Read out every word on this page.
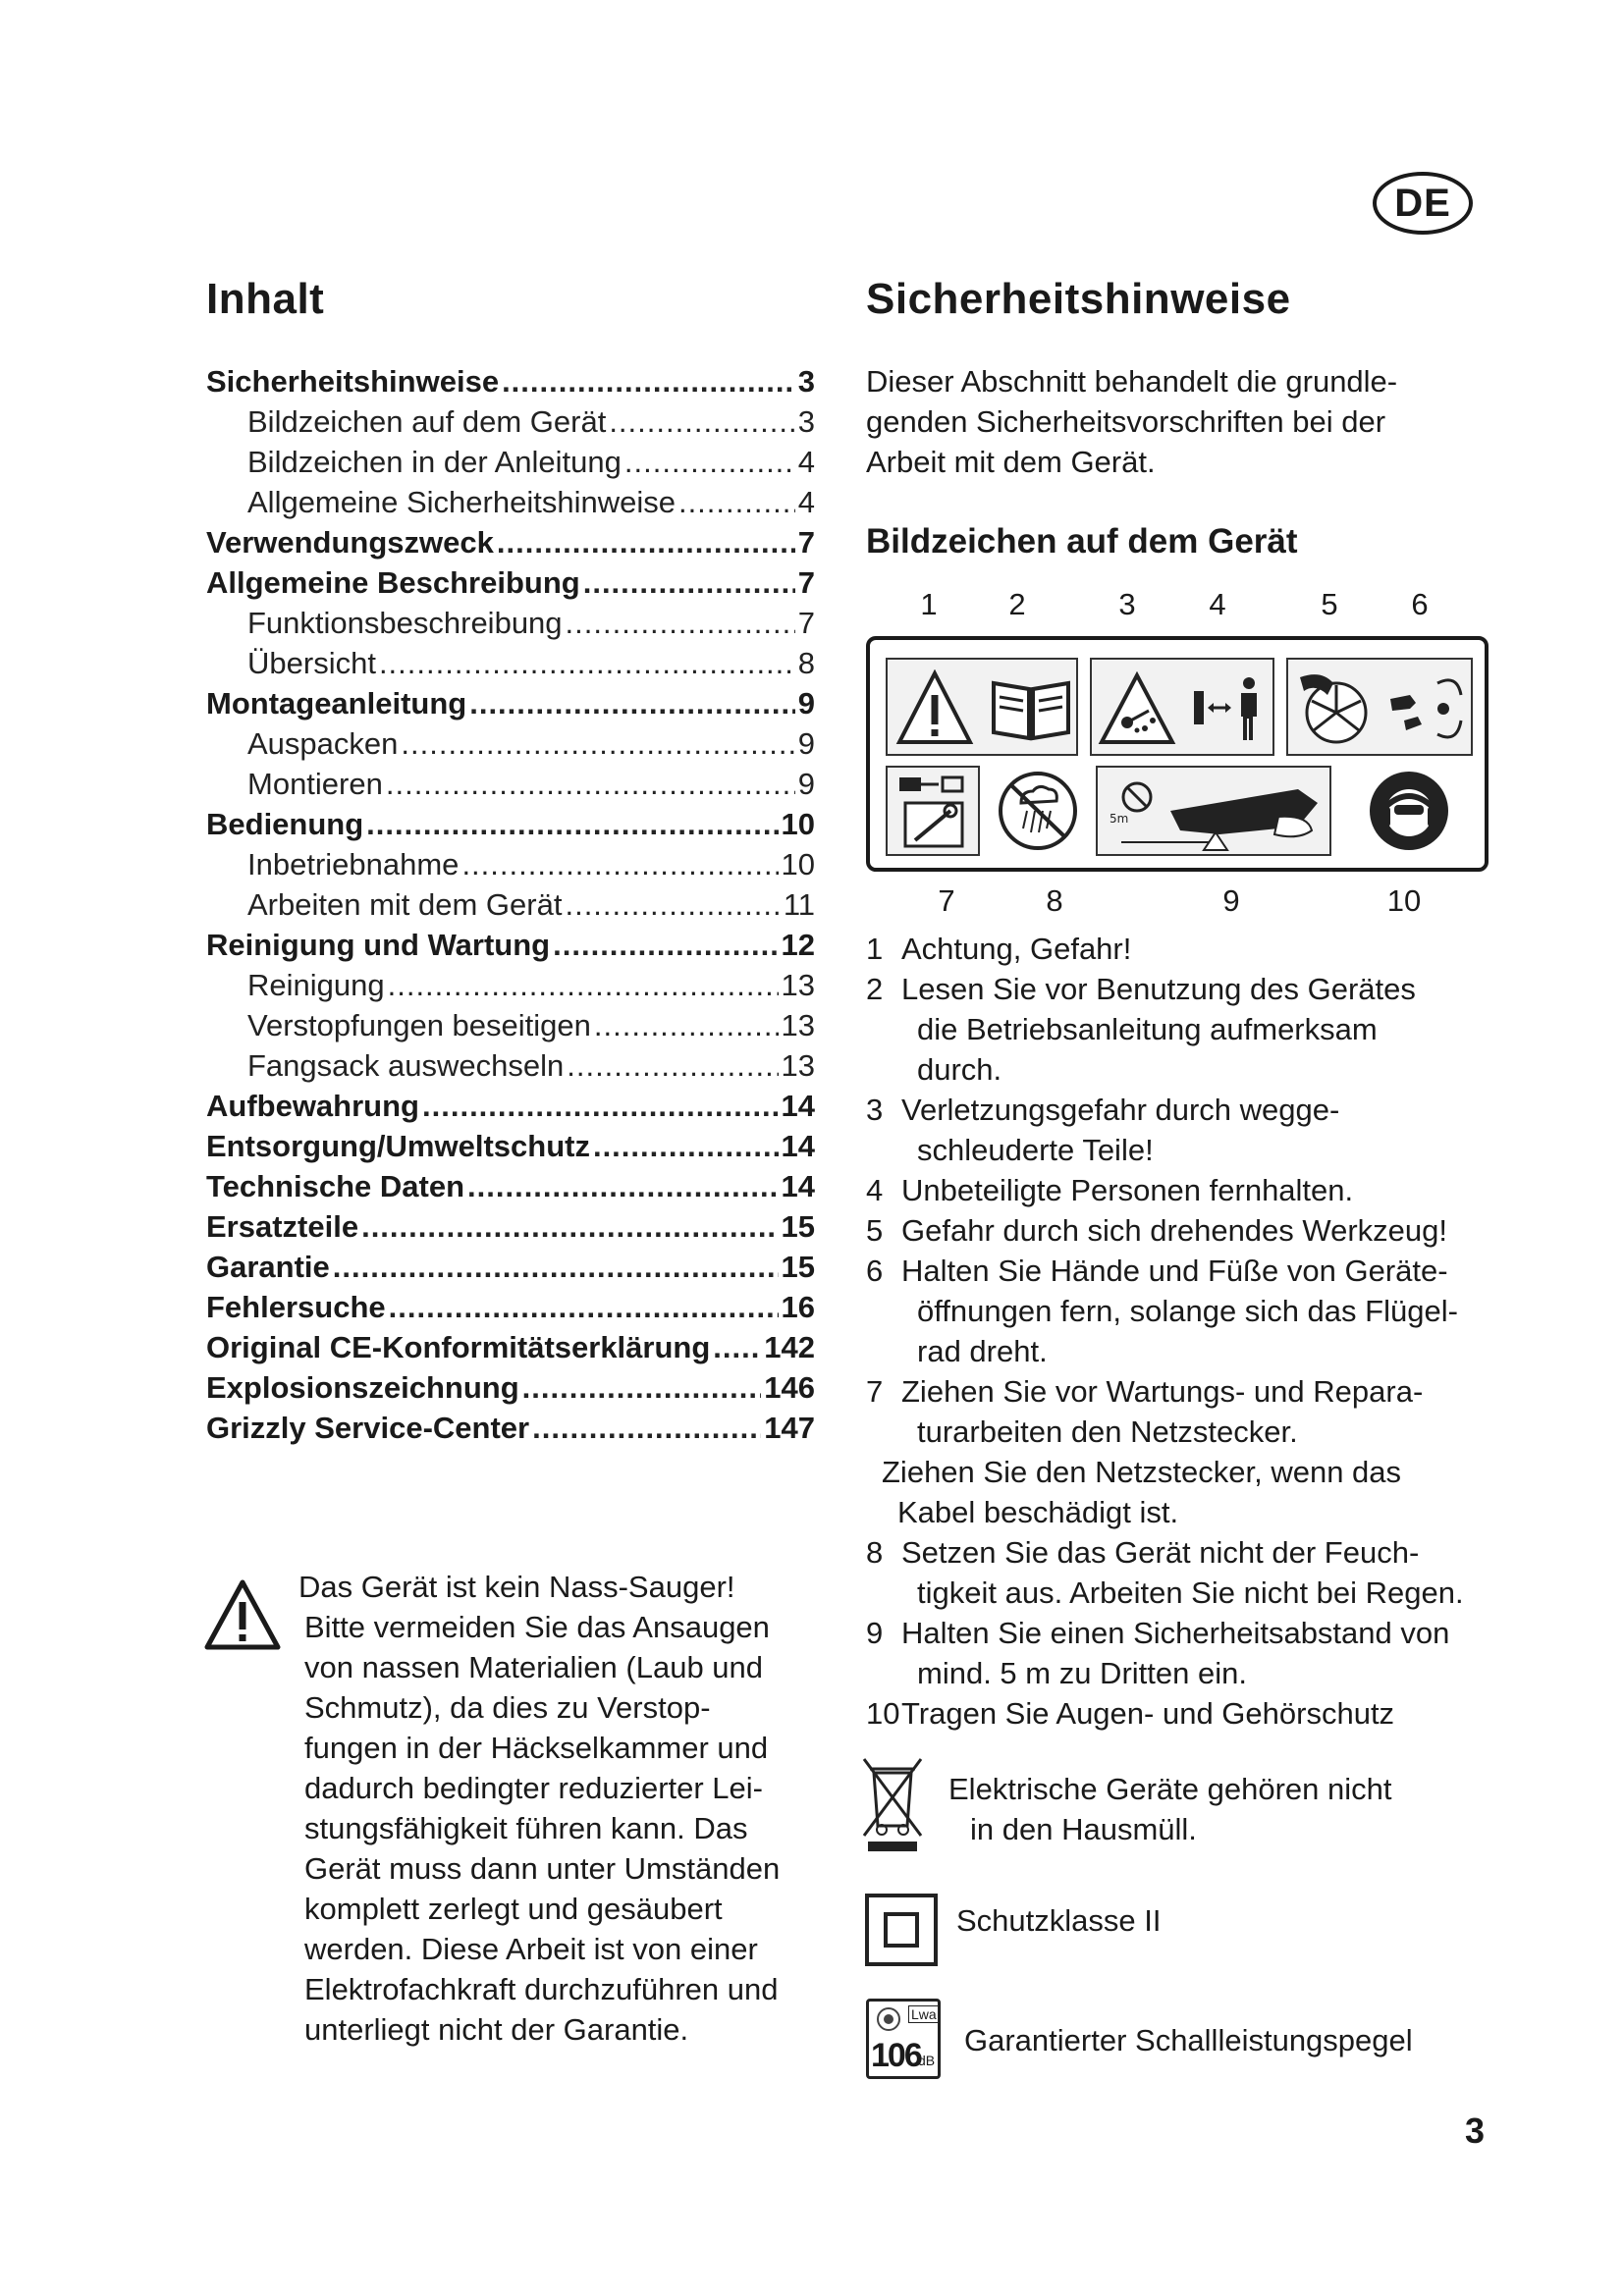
DE
Inhalt
Sicherheitshinweise .....	3
Bildzeichen auf dem Gerät .....	3
Bildzeichen in der Anleitung .....	4
Allgemeine Sicherheitshinweise .....	4
Verwendungszweck .....	7
Allgemeine Beschreibung .....	7
Funktionsbeschreibung .....	7
Übersicht .....	8
Montageanleitung .....	9
Auspacken .....	9
Montieren .....	9
Bedienung .....	10
Inbetriebnahme .....	10
Arbeiten mit dem Gerät .....	11
Reinigung und Wartung .....	12
Reinigung .....	13
Verstopfungen beseitigen .....	13
Fangsack auswechseln .....	13
Aufbewahrung .....	14
Entsorgung/Umweltschutz .....	14
Technische Daten .....	14
Ersatzteile .....	15
Garantie .....	15
Fehlersuche .....	16
Original CE-Konformitätserklärung ..... 142
Explosionszeichnung .....	146
Grizzly Service-Center .....	147
Das Gerät ist kein Nass-Sauger!
Bitte vermeiden Sie das Ansaugen
von nassen Materialien (Laub und
Schmutz), da dies zu Verstop-
fungen in der Häckselkammer und
dadurch bedingter reduzierter Lei-
stungsfähigkeit führen kann. Das
Gerät muss dann unter Umständen
komplett zerlegt und gesäubert
werden. Diese Arbeit ist von einer
Elektrofachkraft durchzuführen und
unterliegt nicht der Garantie.
Sicherheitshinweise
Dieser Abschnitt behandelt die grundle-
genden Sicherheitsvorschriften bei der
Arbeit mit dem Gerät.
Bildzeichen auf dem Gerät
1 2	3 4	5 6
5m
7	8	9	10
1 Achtung, Gefahr!
2 Lesen Sie vor Benutzung des Gerätes
die Betriebsanleitung aufmerksam
durch.
3 Verletzungsgefahr durch wegge-
schleuderte Teile!
4 Unbeteiligte Personen fernhalten.
5 Gefahr durch sich drehendes Werkzeug!
6 Halten Sie Hände und Füße von Geräte-
öffnungen fern, solange sich das Flügel-
rad dreht.
7 Ziehen Sie vor Wartungs- und Repara-
turarbeiten den Netzstecker.
Ziehen Sie den Netzstecker, wenn das
Kabel beschädigt ist.
8 Setzen Sie das Gerät nicht der Feuch-
tigkeit aus. Arbeiten Sie nicht bei Regen.
9 Halten Sie einen Sicherheitsabstand von
mind. 5 m zu Dritten ein.
10 Tragen Sie Augen- und Gehörschutz
Elektrische Geräte gehören nicht
in den Hausmüll.
Schutzklasse II
Lwa
106
dB
Garantierter Schallleistungspegel
3
